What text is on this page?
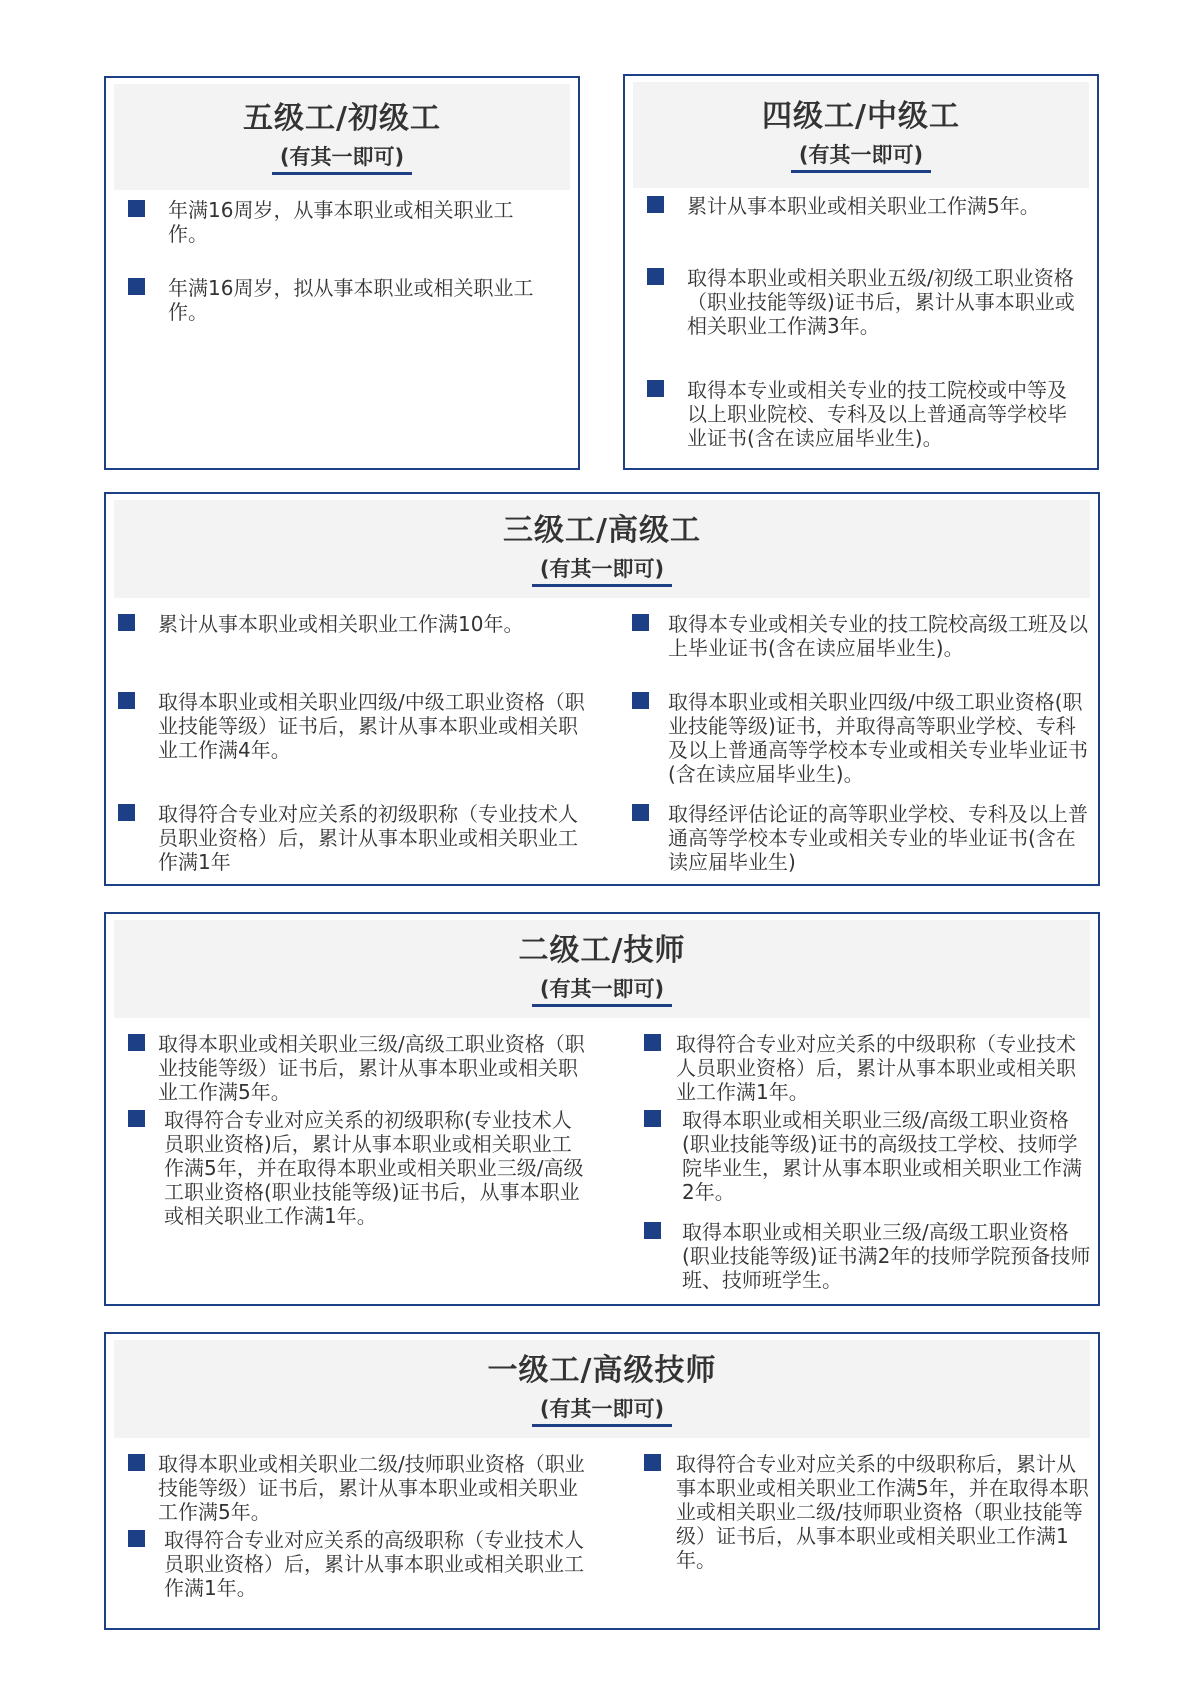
五级工/初级工
(有其一即可)
年满16周岁，从事本职业或相关职业工作。
年满16周岁，拟从事本职业或相关职业工作。
四级工/中级工
(有其一即可)
累计从事本职业或相关职业工作满5年。
取得本职业或相关职业五级/初级工职业资格（职业技能等级)证书后，累计从事本职业或相关职业工作满3年。
取得本专业或相关专业的技工院校或中等及以上职业院校、专科及以上普通高等学校毕业证书(含在读应届毕业生)。
三级工/高级工
(有其一即可)
累计从事本职业或相关职业工作满10年。
取得本职业或相关职业四级/中级工职业资格（职业技能等级）证书后，累计从事本职业或相关职业工作满4年。
取得符合专业对应关系的初级职称（专业技术人员职业资格）后，累计从事本职业或相关职业工作满1年
取得本专业或相关专业的技工院校高级工班及以上毕业证书(含在读应届毕业生)。
取得本职业或相关职业四级/中级工职业资格(职业技能等级)证书，并取得高等职业学校、专科及以上普通高等学校本专业或相关专业毕业证书(含在读应届毕业生)。
取得经评估论证的高等职业学校、专科及以上普通高等学校本专业或相关专业的毕业证书(含在读应届毕业生)
二级工/技师
(有其一即可)
取得本职业或相关职业三级/高级工职业资格（职业技能等级）证书后，累计从事本职业或相关职业工作满5年。
取得符合专业对应关系的初级职称(专业技术人员职业资格)后，累计从事本职业或相关职业工作满5年，并在取得本职业或相关职业三级/高级工职业资格(职业技能等级)证书后，从事本职业或相关职业工作满1年。
取得符合专业对应关系的中级职称（专业技术人员职业资格）后，累计从事本职业或相关职业工作满1年。
取得本职业或相关职业三级/高级工职业资格(职业技能等级)证书的高级技工学校、技师学院毕业生，累计从事本职业或相关职业工作满 2年。
取得本职业或相关职业三级/高级工职业资格(职业技能等级)证书满2年的技师学院预备技师班、技师班学生。
一级工/高级技师
(有其一即可)
取得本职业或相关职业二级/技师职业资格（职业技能等级）证书后，累计从事本职业或相关职业工作满5年。
取得符合专业对应关系的高级职称（专业技术人员职业资格）后，累计从事本职业或相关职业工作满1年。
取得符合专业对应关系的中级职称后，累计从事本职业或相关职业工作满5年，并在取得本职业或相关职业二级/技师职业资格（职业技能等级）证书后，从事本职业或相关职业工作满1年。
